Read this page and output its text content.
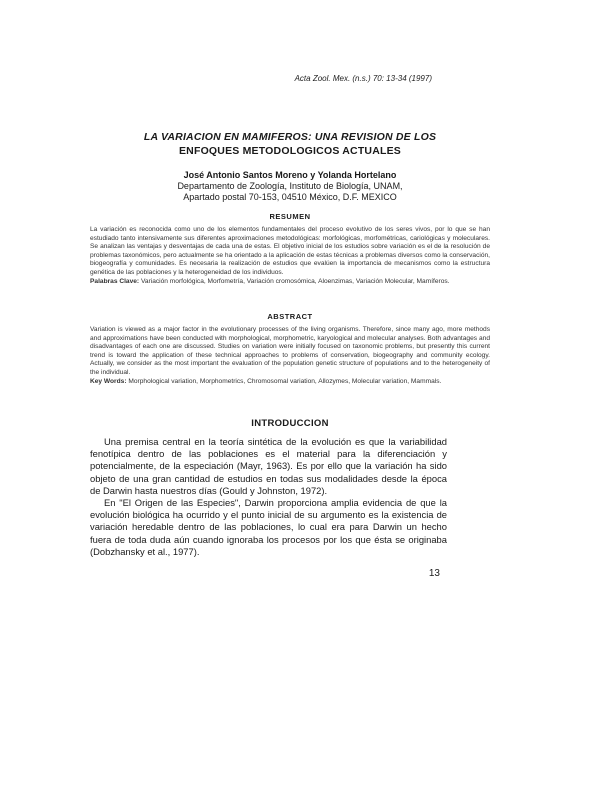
Acta Zool. Mex. (n.s.) 70: 13-34 (1997)
LA VARIACION EN MAMIFEROS: UNA REVISION DE LOS
ENFOQUES METODOLOGICOS ACTUALES
José Antonio Santos Moreno y Yolanda Hortelano
Departamento de Zoología, Instituto de Biología, UNAM,
Apartado postal 70-153, 04510 México, D.F. MEXICO
RESUMEN

La variación es reconocida como uno de los elementos fundamentales del proceso evolutivo de los seres vivos, por lo que se han estudiado tanto intensivamente sus diferentes aproximaciones metodológicas: morfológicas, morfométricas, cariológicas y moleculares. Se analizan las ventajas y desventajas de cada una de estas. El objetivo inicial de los estudios sobre variación es el de la resolución de problemas taxonómicos, pero actualmente se ha orientado a la aplicación de estas técnicas a problemas diversos como la conservación, biogeografía y comunidades. Es necesaria la realización de estudios que evalúen la importancia de mecanismos como la estructura genética de las poblaciones y la heterogeneidad de los individuos.

Palabras Clave: Variación morfológica, Morfometría, Variación cromosómica, Aloenzimas, Variación Molecular, Mamíferos.

ABSTRACT

Variation is viewed as a major factor in the evolutionary processes of the living organisms. Therefore, since many ago, more methods and approximations have been conducted with morphological, morphometric, karyological and molecular analyses. Both advantages and disadvantages of each one are discussed. Studies on variation were initially focused on taxonomic problems, but presently this current trend is toward the application of these technical approaches to problems of conservation, biogeography and community ecology. Actually, we consider as the most important the evaluation of the population genetic structure of populations and to the heterogeneity of the individual.

Key Words: Morphological variation, Morphometrics, Chromosomal variation, Allozymes, Molecular variation, Mammals.

INTRODUCCION

Una premisa central en la teoría sintética de la evolución es que la variabilidad fenotípica dentro de las poblaciones es el material para la diferenciación y potencialmente, de la especiación (Mayr, 1963). Es por ello que la variación ha sido objeto de una gran cantidad de estudios en todas sus modalidades desde la época de Darwin hasta nuestros días (Gould y Johnston, 1972).

En "El Origen de las Especies", Darwin proporciona amplia evidencia de que la evolución biológica ha ocurrido y el punto inicial de su argumento es la existencia de variación heredable dentro de las poblaciones, lo cual era para Darwin un hecho fuera de toda duda aún cuando ignoraba los procesos por los que ésta se originaba (Dobzhansky et al., 1977).

13
